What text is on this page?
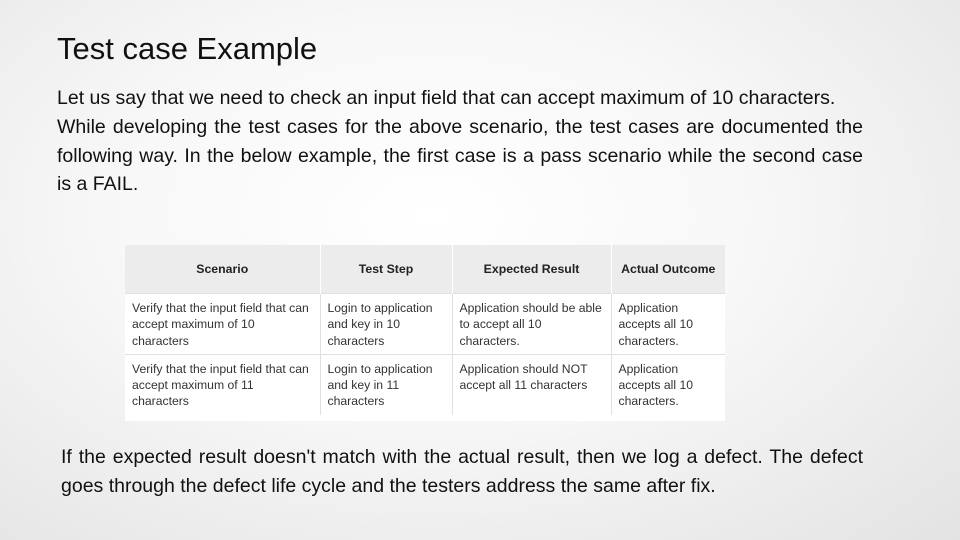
Test case Example

Let us say that we need to check an input field that can accept maximum of 10 characters.

While developing the test cases for the above scenario, the test cases are documented the following way. In the below example, the first case is a pass scenario while the second case is a FAIL.

Scenario	Test Step	Expected Result	Actual Outcome
Verify that the input field that can accept maximum of 10 characters	Login to application and key in 10 characters	Application should be able to accept all 10 characters.	Application accepts all 10 characters.
Verify that the input field that can accept maximum of 11 characters	Login to application and key in 11 characters	Application should NOT accept all 11 characters	Application accepts all 10 characters.

If the expected result doesn't match with the actual result, then we log a defect. The defect goes through the defect life cycle and the testers address the same after fix.
